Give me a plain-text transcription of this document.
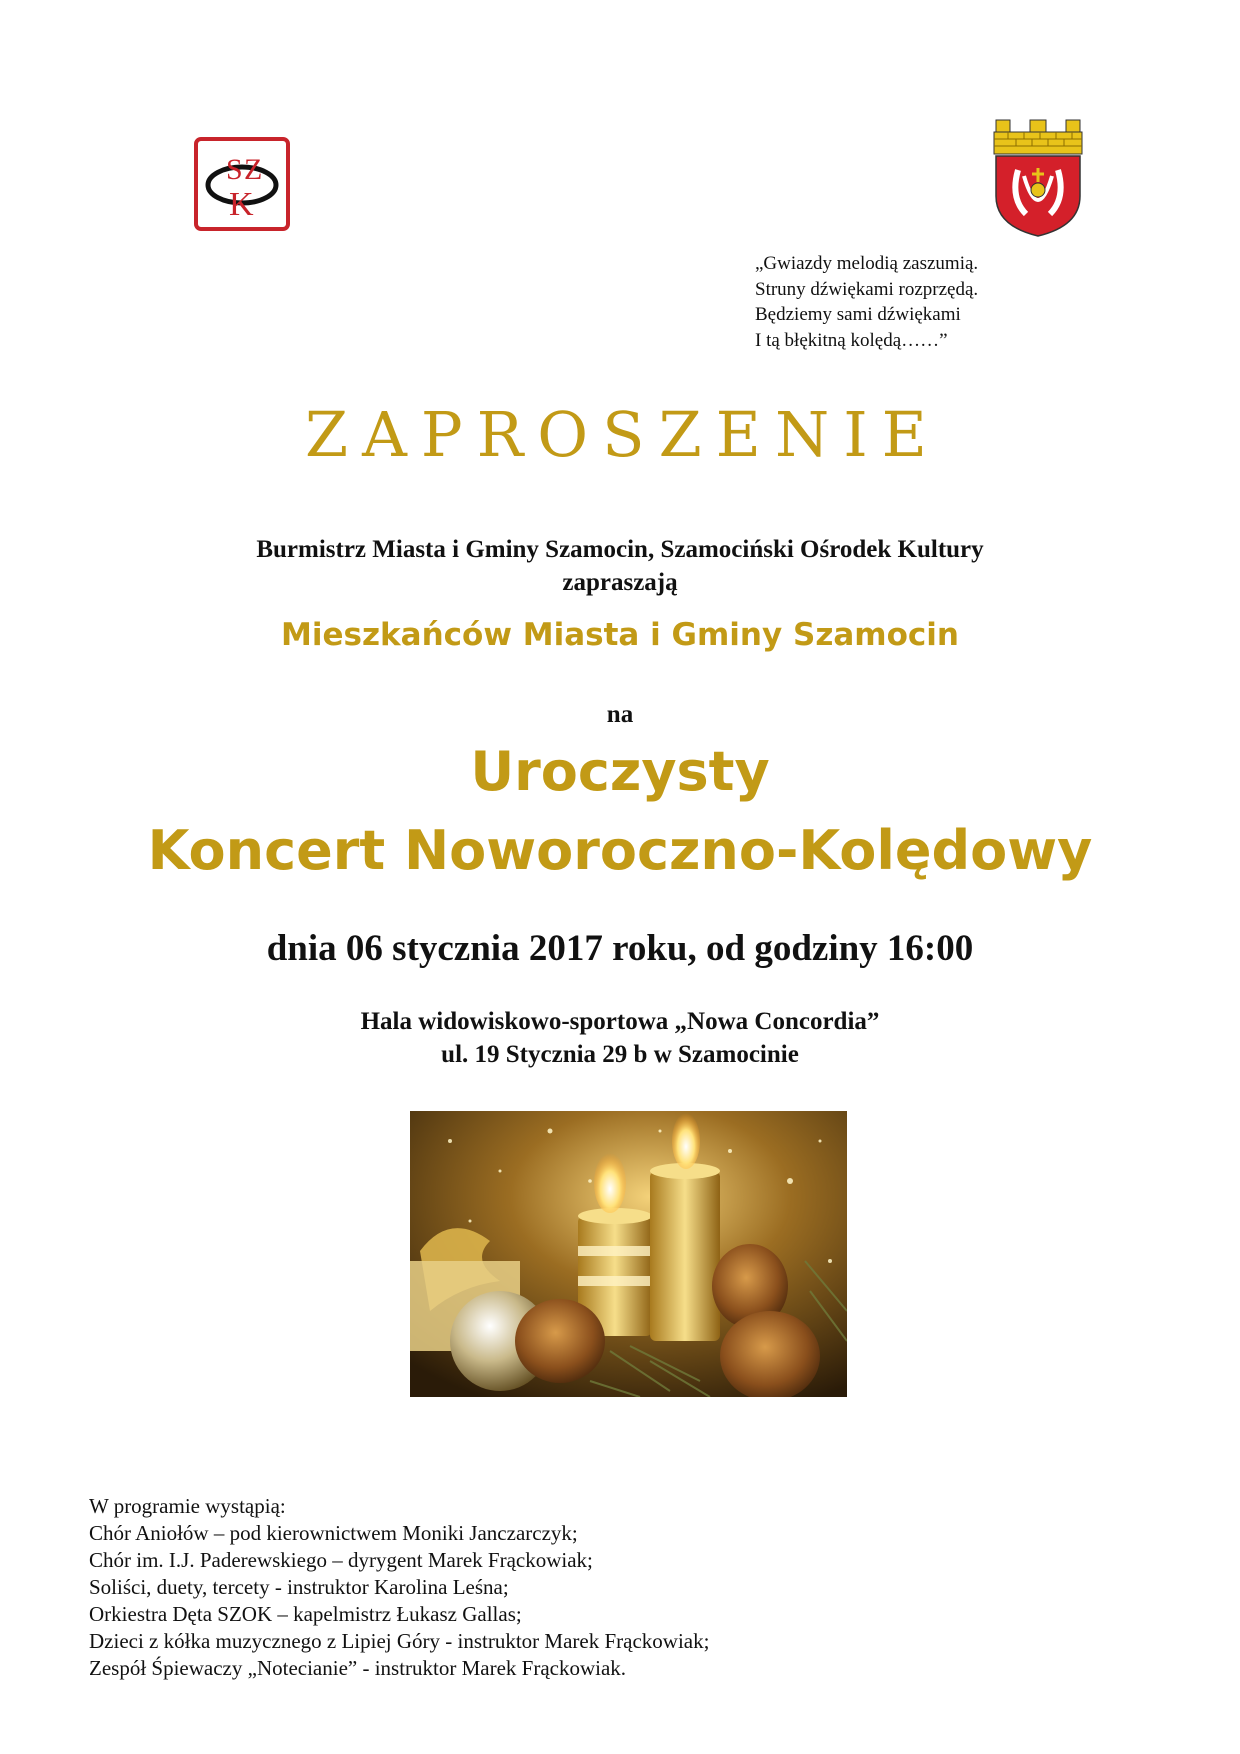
S Z
K
„Gwiazdy melodią zaszumią.
Struny dźwiękami rozprzędą.
Będziemy sami dźwiękami
I tą błękitną kolędą……”
ZAPROSZENIE
Burmistrz Miasta i Gminy Szamocin, Szamociński Ośrodek Kultury
zapraszają
Mieszkańców Miasta i Gminy Szamocin
na
Uroczysty
Koncert Noworoczno-Kolędowy
dnia 06 stycznia 2017 roku, od godziny 16:00
Hala widowiskowo-sportowa „Nowa Concordia”
ul. 19 Stycznia 29 b w Szamocinie
W programie wystąpią:
Chór Aniołów – pod kierownictwem Moniki Janczarczyk;
Chór im. I.J. Paderewskiego – dyrygent Marek Frąckowiak;
Soliści, duety, tercety - instruktor Karolina Leśna;
Orkiestra Dęta SZOK – kapelmistrz Łukasz Gallas;
Dzieci z kółka muzycznego z Lipiej Góry - instruktor Marek Frąckowiak;
Zespół Śpiewaczy „Notecianie” - instruktor Marek Frąckowiak.
